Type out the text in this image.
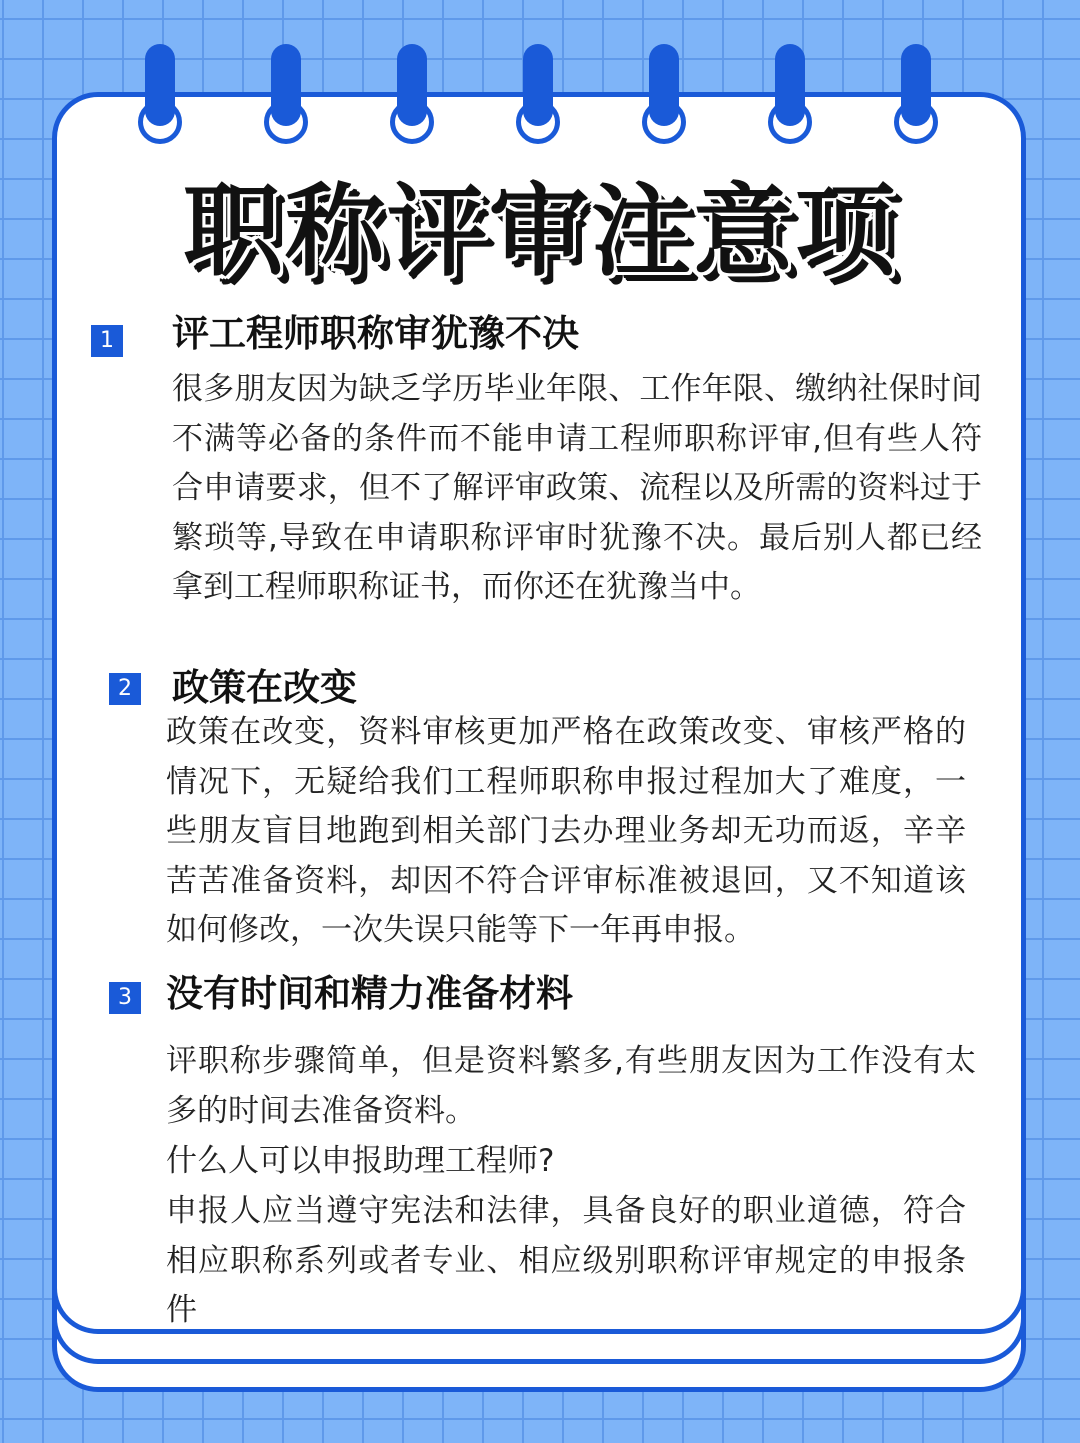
职称评审注意项
1 评工程师职称审犹豫不决

很多朋友因为缺乏学历毕业年限、工作年限、缴纳社保时间不满等必备的条件而不能申请工程师职称评审,但有些人符合申请要求，但不了解评审政策、流程以及所需的资料过于繁琐等,导致在申请职称评审时犹豫不决。最后别人都已经拿到工程师职称证书，而你还在犹豫当中。

2 政策在改变

政策在改变，资料审核更加严格在政策改变、审核严格的情况下，无疑给我们工程师职称申报过程加大了难度，一些朋友盲目地跑到相关部门去办理业务却无功而返，辛辛苦苦准备资料，却因不符合评审标准被退回，又不知道该如何修改，一次失误只能等下一年再申报。

3 没有时间和精力准备材料

评职称步骤简单，但是资料繁多,有些朋友因为工作没有太多的时间去准备资料。

什么人可以申报助理工程师?

申报人应当遵守宪法和法律，具备良好的职业道德，符合相应职称系列或者专业、相应级别职称评审规定的申报条件
